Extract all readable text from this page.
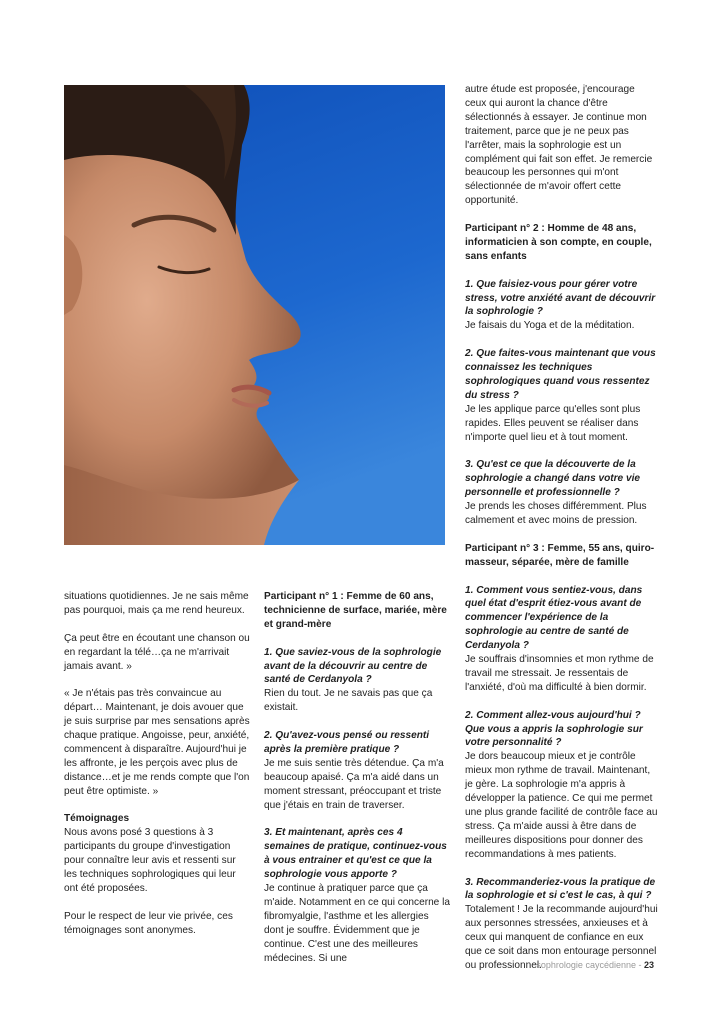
situations quotidiennes. Je ne sais même pas pourquoi, mais ça me rend heureux.

Ça peut être en écoutant une chanson ou en regardant la télé…ça ne m'arrivait jamais avant. »

« Je n'étais pas très convaincue au départ… Maintenant, je dois avouer que je suis surprise par mes sensations après chaque pratique. Angoisse, peur, anxiété, commencent à disparaître. Aujourd'hui je les affronte, je les perçois avec plus de distance…et je me rends compte que l'on peut être optimiste. »

Témoignages

Nous avons posé 3 questions à 3 participants du groupe d'investigation pour connaître leur avis et ressenti sur les techniques sophrologiques qui leur ont été proposées.

Pour le respect de leur vie privée, ces témoignages sont anonymes.

Participant n° 1 : Femme de 60 ans, technicienne de surface, mariée, mère et grand-mère

1. Que saviez-vous de la sophrologie avant de la découvrir au centre de santé de Cerdanyola ?

Rien du tout. Je ne savais pas que ça existait.

2. Qu'avez-vous pensé ou ressenti après la première pratique ?

Je me suis sentie très détendue. Ça m'a beaucoup apaisé. Ça m'a aidé dans un moment stressant, préoccupant et triste que j'étais en train de traverser.

3. Et maintenant, après ces 4 semaines de pratique, continuez-vous à vous entrainer et qu'est ce que la sophrologie vous apporte ?

Je continue à pratiquer parce que ça m'aide. Notamment en ce qui concerne la fibromyalgie, l'asthme et les allergies dont je souffre. Évidemment que je continue. C'est une des meilleures médecines. Si une

autre étude est proposée, j'encourage ceux qui auront la chance d'être sélectionnés à essayer. Je continue mon traitement, parce que je ne peux pas l'arrêter, mais la sophrologie est un complément qui fait son effet. Je remercie beaucoup les personnes qui m'ont sélectionnée de m'avoir offert cette opportunité.

Participant n° 2 : Homme de 48 ans, informaticien à son compte, en couple, sans enfants

1. Que faisiez-vous pour gérer votre stress, votre anxiété avant de découvrir la sophrologie ?

Je faisais du Yoga et de la méditation.

2. Que faites-vous maintenant que vous connaissez les techniques sophrologiques quand vous ressentez du stress ?

Je les applique parce qu'elles sont plus rapides. Elles peuvent se réaliser dans n'importe quel lieu et à tout moment.

3. Qu'est ce que la découverte de la sophrologie a changé dans votre vie personnelle et professionnelle ?

Je prends les choses différemment. Plus calmement et avec moins de pression.

Participant n° 3 : Femme, 55 ans, quiro-masseur, séparée, mère de famille

1. Comment vous sentiez-vous, dans quel état d'esprit étiez-vous avant de commencer l'expérience de la sophrologie au centre de santé de Cerdanyola ?

Je souffrais d'insomnies et mon rythme de travail me stressait. Je ressentais de l'anxiété, d'où ma difficulté à bien dormir.

2. Comment allez-vous aujourd'hui ? Que vous a appris la sophrologie sur votre personnalité ?

Je dors beaucoup mieux et je contrôle mieux mon rythme de travail. Maintenant, je gère. La sophrologie m'a appris à développer la patience. Ce qui me permet une plus grande facilité de contrôle face au stress. Ça m'aide aussi à être dans de meilleures dispositions pour donner des recommandations à mes patients.

3. Recommanderiez-vous la pratique de la sophrologie et si c'est le cas, à qui ?

Totalement ! Je la recommande aujourd'hui aux personnes stressées, anxieuses et à ceux qui manquent de confiance en eux que ce soit dans mon entourage personnel ou professionnel.

sophrologie caycédienne - 23
